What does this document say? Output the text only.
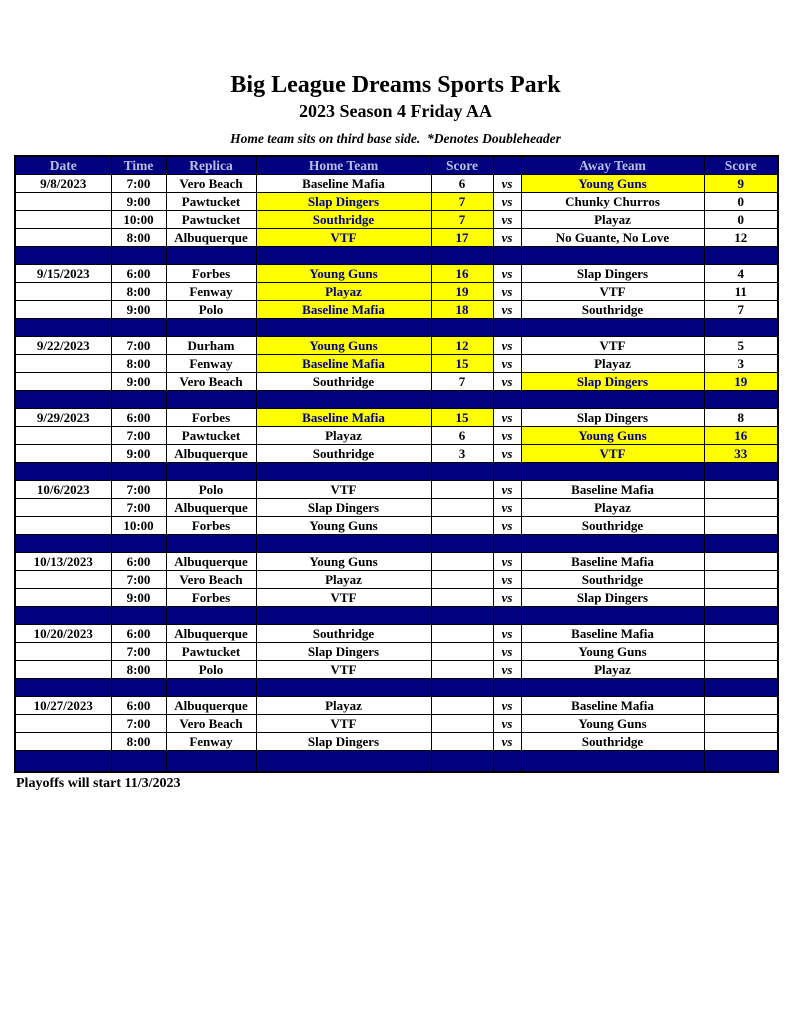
Big League Dreams Sports Park
2023 Season 4 Friday AA
Home team sits on third base side.  *Denotes Doubleheader
Date	Time	Replica	Home Team	Score		Away Team	Score
9/8/2023	7:00	Vero Beach	Baseline Mafia	6	vs	Young Guns	9
	9:00	Pawtucket	Slap Dingers	7	vs	Chunky Churros	0
	10:00	Pawtucket	Southridge	7	vs	Playaz	0
	8:00	Albuquerque	VTF	17	vs	No Guante, No Love	12

9/15/2023	6:00	Forbes	Young Guns	16	vs	Slap Dingers	4
	8:00	Fenway	Playaz	19	vs	VTF	11
	9:00	Polo	Baseline Mafia	18	vs	Southridge	7

9/22/2023	7:00	Durham	Young Guns	12	vs	VTF	5
	8:00	Fenway	Baseline Mafia	15	vs	Playaz	3
	9:00	Vero Beach	Southridge	7	vs	Slap Dingers	19

9/29/2023	6:00	Forbes	Baseline Mafia	15	vs	Slap Dingers	8
	7:00	Pawtucket	Playaz	6	vs	Young Guns	16
	9:00	Albuquerque	Southridge	3	vs	VTF	33

10/6/2023	7:00	Polo	VTF		vs	Baseline Mafia	
	7:00	Albuquerque	Slap Dingers		vs	Playaz	
	10:00	Forbes	Young Guns		vs	Southridge	

10/13/2023	6:00	Albuquerque	Young Guns		vs	Baseline Mafia	
	7:00	Vero Beach	Playaz		vs	Southridge	
	9:00	Forbes	VTF		vs	Slap Dingers	

10/20/2023	6:00	Albuquerque	Southridge		vs	Baseline Mafia	
	7:00	Pawtucket	Slap Dingers		vs	Young Guns	
	8:00	Polo	VTF		vs	Playaz	

10/27/2023	6:00	Albuquerque	Playaz		vs	Baseline Mafia	
	7:00	Vero Beach	VTF		vs	Young Guns	
	8:00	Fenway	Slap Dingers		vs	Southridge	

Playoffs will start 11/3/2023
